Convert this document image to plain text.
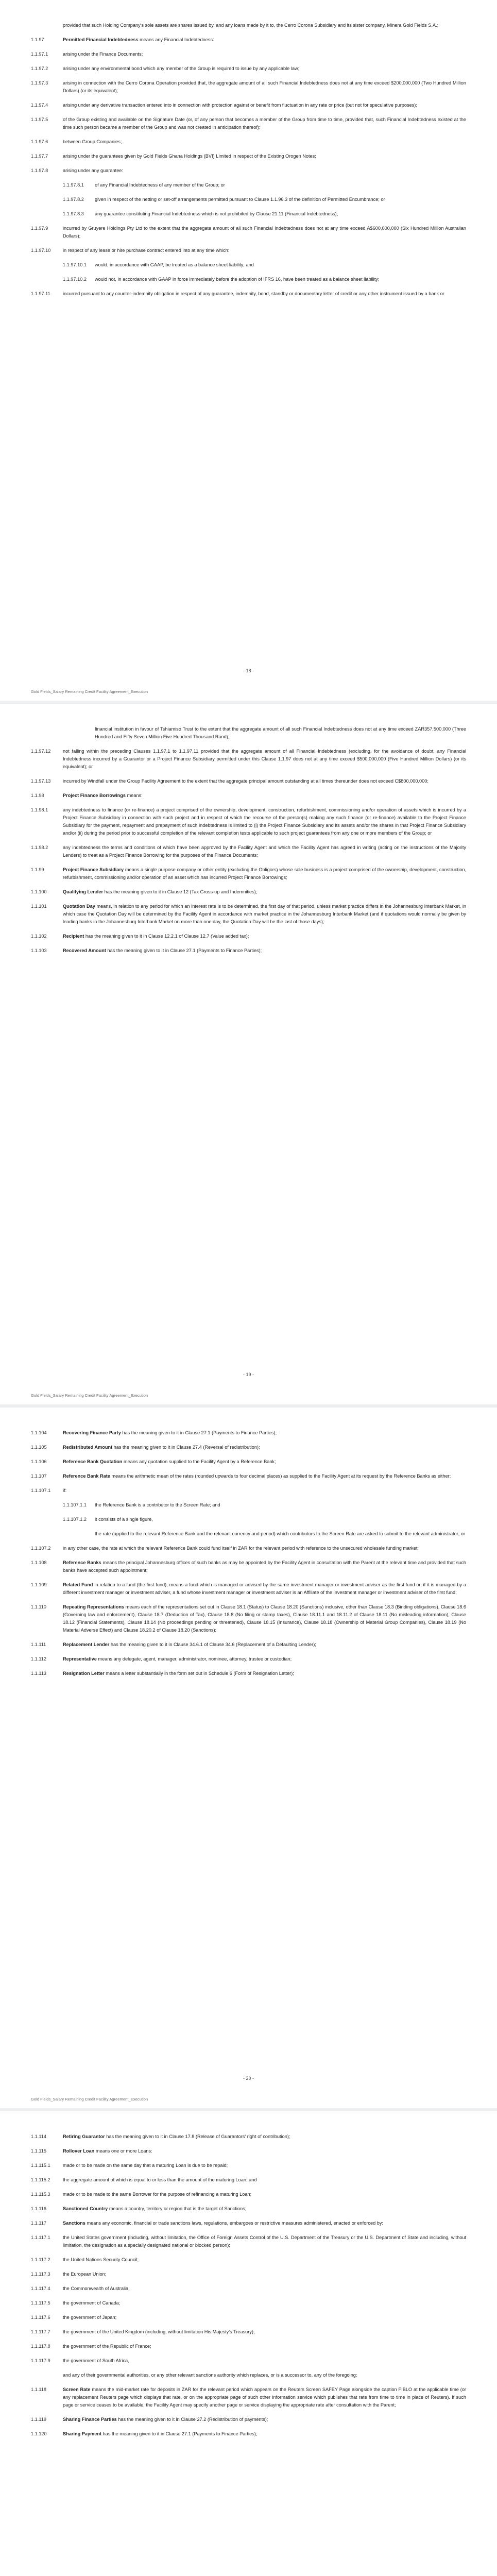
provided that such Holding Company's sole assets are shares issued by, and any loans made by it to, the Cerro Corona Subsidiary and its sister company, Minera Gold Fields S.A.;
1.1.97	Permitted Financial Indebtedness means any Financial Indebtedness:
1.1.97.1	arising under the Finance Documents;
1.1.97.2	arising under any environmental bond which any member of the Group is required to issue by any applicable law;
1.1.97.3	arising in connection with the Cerro Corona Operation provided that, the aggregate amount of all such Financial Indebtedness does not at any time exceed $200,000,000 (Two Hundred Million Dollars) (or its equivalent);
1.1.97.4	arising under any derivative transaction entered into in connection with protection against or benefit from fluctuation in any rate or price (but not for speculative purposes);
1.1.97.5	of the Group existing and available on the Signature Date (or, of any person that becomes a member of the Group from time to time, provided that, such Financial Indebtedness existed at the time such person became a member of the Group and was not created in anticipation thereof);
1.1.97.6	between Group Companies;
1.1.97.7	arising under the guarantees given by Gold Fields Ghana Holdings (BVI) Limited in respect of the Existing Orogen Notes;
1.1.97.8	arising under any guarantee:
1.1.97.8.1	of any Financial Indebtedness of any member of the Group; or
1.1.97.8.2	given in respect of the netting or set-off arrangements permitted pursuant to Clause 1.1.96.3 of the definition of Permitted Encumbrance; or
1.1.97.8.3	any guarantee constituting Financial Indebtedness which is not prohibited by Clause 21.11 (Financial Indebtedness);
1.1.97.9	incurred by Gruyere Holdings Pty Ltd to the extent that the aggregate amount of all such Financial Indebtedness does not at any time exceed A$600,000,000 (Six Hundred Million Australian Dollars);
1.1.97.10	in respect of any lease or hire purchase contract entered into at any time which:
1.1.97.10.1	would, in accordance with GAAP, be treated as a balance sheet liability; and
1.1.97.10.2	would not, in accordance with GAAP in force immediately before the adoption of IFRS 16, have been treated as a balance sheet liability;
1.1.97.11	incurred pursuant to any counter-indemnity obligation in respect of any guarantee, indemnity, bond, standby or documentary letter of credit or any other instrument issued by a bank or
- 18 -
Gold Fields_Salary Remaining Credit Facility Agreement_Execution
financial institution in favour of Tshiamiso Trust to the extent that the aggregate amount of all such Financial Indebtedness does not at any time exceed ZAR357,500,000 (Three Hundred and Fifty Seven Million Five Hundred Thousand Rand);
1.1.97.12	not falling within the preceding Clauses 1.1.97.1 to 1.1.97.11 provided that the aggregate amount of all Financial Indebtedness (excluding, for the avoidance of doubt, any Financial Indebtedness incurred by a Guarantor or a Project Finance Subsidiary permitted under this Clause 1.1.97 does not at any time exceed $500,000,000 (Five Hundred Million Dollars) (or its equivalent); or
1.1.97.13	incurred by Windfall under the Group Facility Agreement to the extent that the aggregate principal amount outstanding at all times thereunder does not exceed C$800,000,000;
1.1.98	Project Finance Borrowings means:
1.1.98.1	any indebtedness to finance (or re-finance) a project comprised of the ownership, development, construction, refurbishment, commissioning and/or operation of assets which is incurred by a Project Finance Subsidiary in connection with such project and in respect of which the recourse of the person(s) making any such finance (or re-finance) available to the Project Finance Subsidiary for the payment, repayment and prepayment of such indebtedness is limited to (i) the Project Finance Subsidiary and its assets and/or the shares in that Project Finance Subsidiary and/or (ii) during the period prior to successful completion of the relevant completion tests applicable to such project guarantees from any one or more members of the Group; or
1.1.98.2	any indebtedness the terms and conditions of which have been approved by the Facility Agent and which the Facility Agent has agreed in writing (acting on the instructions of the Majority Lenders) to treat as a Project Finance Borrowing for the purposes of the Finance Documents;
1.1.99	Project Finance Subsidiary means a single purpose company or other entity (excluding the Obligors) whose sole business is a project comprised of the ownership, development, construction, refurbishment, commissioning and/or operation of an asset which has incurred Project Finance Borrowings;
1.1.100	Qualifying Lender has the meaning given to it in Clause 12 (Tax Gross-up and Indemnities);
1.1.101	Quotation Day means, in relation to any period for which an interest rate is to be determined, the first day of that period, unless market practice differs in the Johannesburg Interbank Market, in which case the Quotation Day will be determined by the Facility Agent in accordance with market practice in the Johannesburg Interbank Market (and if quotations would normally be given by leading banks in the Johannesburg Interbank Market on more than one day, the Quotation Day will be the last of those days);
1.1.102	Recipient has the meaning given to it in Clause 12.2.1 of Clause 12.7 (Value added tax);
1.1.103	Recovered Amount has the meaning given to it in Clause 27.1 (Payments to Finance Parties);
- 19 -
Gold Fields_Salary Remaining Credit Facility Agreement_Execution
1.1.104	Recovering Finance Party has the meaning given to it in Clause 27.1 (Payments to Finance Parties);
1.1.105	Redistributed Amount has the meaning given to it in Clause 27.4 (Reversal of redistribution);
1.1.106	Reference Bank Quotation means any quotation supplied to the Facility Agent by a Reference Bank;
1.1.107	Reference Bank Rate means the arithmetic mean of the rates (rounded upwards to four decimal places) as supplied to the Facility Agent at its request by the Reference Banks as either:
1.1.107.1	if:
1.1.107.1.1	the Reference Bank is a contributor to the Screen Rate; and
1.1.107.1.2	it consists of a single figure,
the rate (applied to the relevant Reference Bank and the relevant currency and period) which contributors to the Screen Rate are asked to submit to the relevant administrator; or
1.1.107.2	in any other case, the rate at which the relevant Reference Bank could fund itself in ZAR for the relevant period with reference to the unsecured wholesale funding market;
1.1.108	Reference Banks means the principal Johannesburg offices of such banks as may be appointed by the Facility Agent in consultation with the Parent at the relevant time and provided that such banks have accepted such appointment;
1.1.109	Related Fund in relation to a fund (the first fund), means a fund which is managed or advised by the same investment manager or investment adviser as the first fund or, if it is managed by a different investment manager or investment adviser, a fund whose investment manager or investment adviser is an Affiliate of the investment manager or investment adviser of the first fund;
1.1.110	Repeating Representations means each of the representations set out in Clause 18.1 (Status) to Clause 18.20 (Sanctions) inclusive, other than Clause 18.3 (Binding obligations), Clause 18.6 (Governing law and enforcement), Clause 18.7 (Deduction of Tax), Clause 18.8 (No filing or stamp taxes), Clause 18.11.1 and 18.11.2 of Clause 18.11 (No misleading information), Clause 18.12 (Financial Statements), Clause 18.14 (No proceedings pending or threatened), Clause 18.15 (Insurance), Clause 18.18 (Ownership of Material Group Companies), Clause 18.19 (No Material Adverse Effect) and Clause 18.20.2 of Clause 18.20 (Sanctions);
1.1.111	Replacement Lender has the meaning given to it in Clause 34.6.1 of Clause 34.6 (Replacement of a Defaulting Lender);
1.1.112	Representative means any delegate, agent, manager, administrator, nominee, attorney, trustee or custodian;
1.1.113	Resignation Letter means a letter substantially in the form set out in Schedule 6 (Form of Resignation Letter);
- 20 -
Gold Fields_Salary Remaining Credit Facility Agreement_Execution
1.1.114	Retiring Guarantor has the meaning given to it in Clause 17.8 (Release of Guarantors' right of contribution);
1.1.115	Rollover Loan means one or more Loans:
1.1.115.1	made or to be made on the same day that a maturing Loan is due to be repaid;
1.1.115.2	the aggregate amount of which is equal to or less than the amount of the maturing Loan; and
1.1.115.3	made or to be made to the same Borrower for the purpose of refinancing a maturing Loan;
1.1.116	Sanctioned Country means a country, territory or region that is the target of Sanctions;
1.1.117	Sanctions means any economic, financial or trade sanctions laws, regulations, embargoes or restrictive measures administered, enacted or enforced by:
1.1.117.1	the United States government (including, without limitation, the Office of Foreign Assets Control of the U.S. Department of the Treasury or the U.S. Department of State and including, without limitation, the designation as a specially designated national or blocked person);
1.1.117.2	the United Nations Security Council;
1.1.117.3	the European Union;
1.1.117.4	the Commonwealth of Australia;
1.1.117.5	the government of Canada;
1.1.117.6	the government of Japan;
1.1.117.7	the government of the United Kingdom (including, without limitation His Majesty's Treasury);
1.1.117.8	the government of the Republic of France;
1.1.117.9	the government of South Africa,
and any of their governmental authorities, or any other relevant sanctions authority which replaces, or is a successor to, any of the foregoing;
1.1.118	Screen Rate means the mid-market rate for deposits in ZAR for the relevant period which appears on the Reuters Screen SAFEY Page alongside the caption FIBLO at the applicable time (or any replacement Reuters page which displays that rate, or on the appropriate page of such other information service which publishes that rate from time to time in place of Reuters). If such page or service ceases to be available, the Facility Agent may specify another page or service displaying the appropriate rate after consultation with the Parent;
1.1.119	Sharing Finance Parties has the meaning given to it in Clause 27.2 (Redistribution of payments);
1.1.120	Sharing Payment has the meaning given to it in Clause 27.1 (Payments to Finance Parties);
